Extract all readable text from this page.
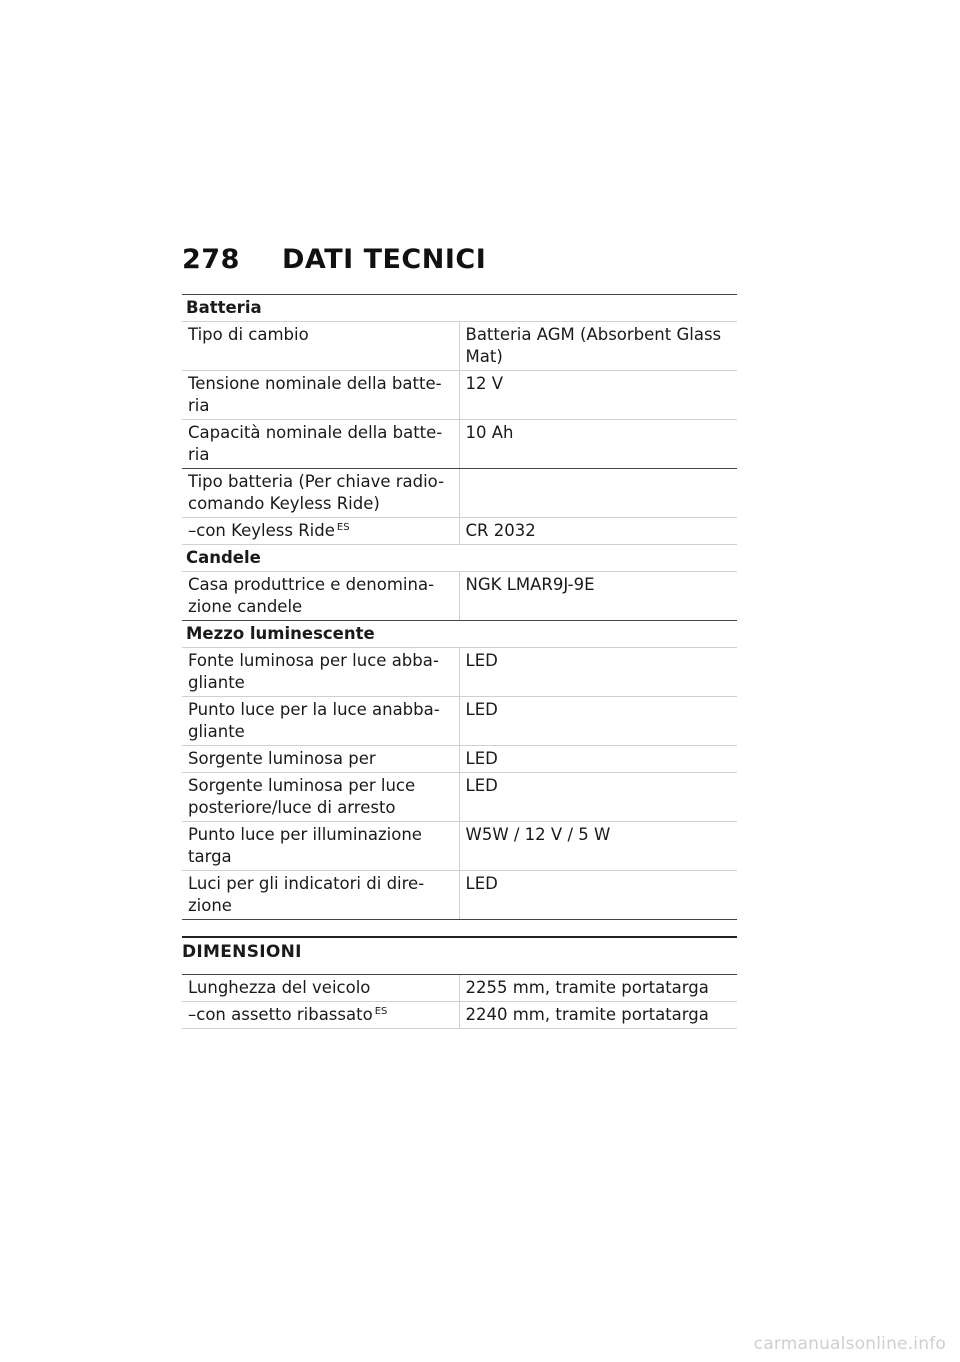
278	DATI TECNICI
Batteria	
Tipo di cambio	Batteria AGM (Absorbent Glass Mat)
Tensione nominale della batte-ria	12 V
Capacità nominale della batte-ria	10 Ah
Tipo batteria (Per chiave radio-comando Keyless Ride)	
–con Keyless Ride $^{ES}$	CR 2032
Candele	
Casa produttrice e denomina-zione candele	NGK LMAR9J-9E
Mezzo luminescente	
Fonte luminosa per luce abba-gliante	LED
Punto luce per la luce anabba-gliante	LED
Sorgente luminosa per	LED
Sorgente luminosa per luce posteriore/luce di arresto	LED
Punto luce per illuminazione targa	W5W / 12 V / 5 W
Luci per gli indicatori di dire-zione	LED
DIMENSIONI
Lunghezza del veicolo	2255 mm, tramite portatarga
–con assetto ribassato $^{ES}$	2240 mm, tramite portatarga
carmanualsonline.info
